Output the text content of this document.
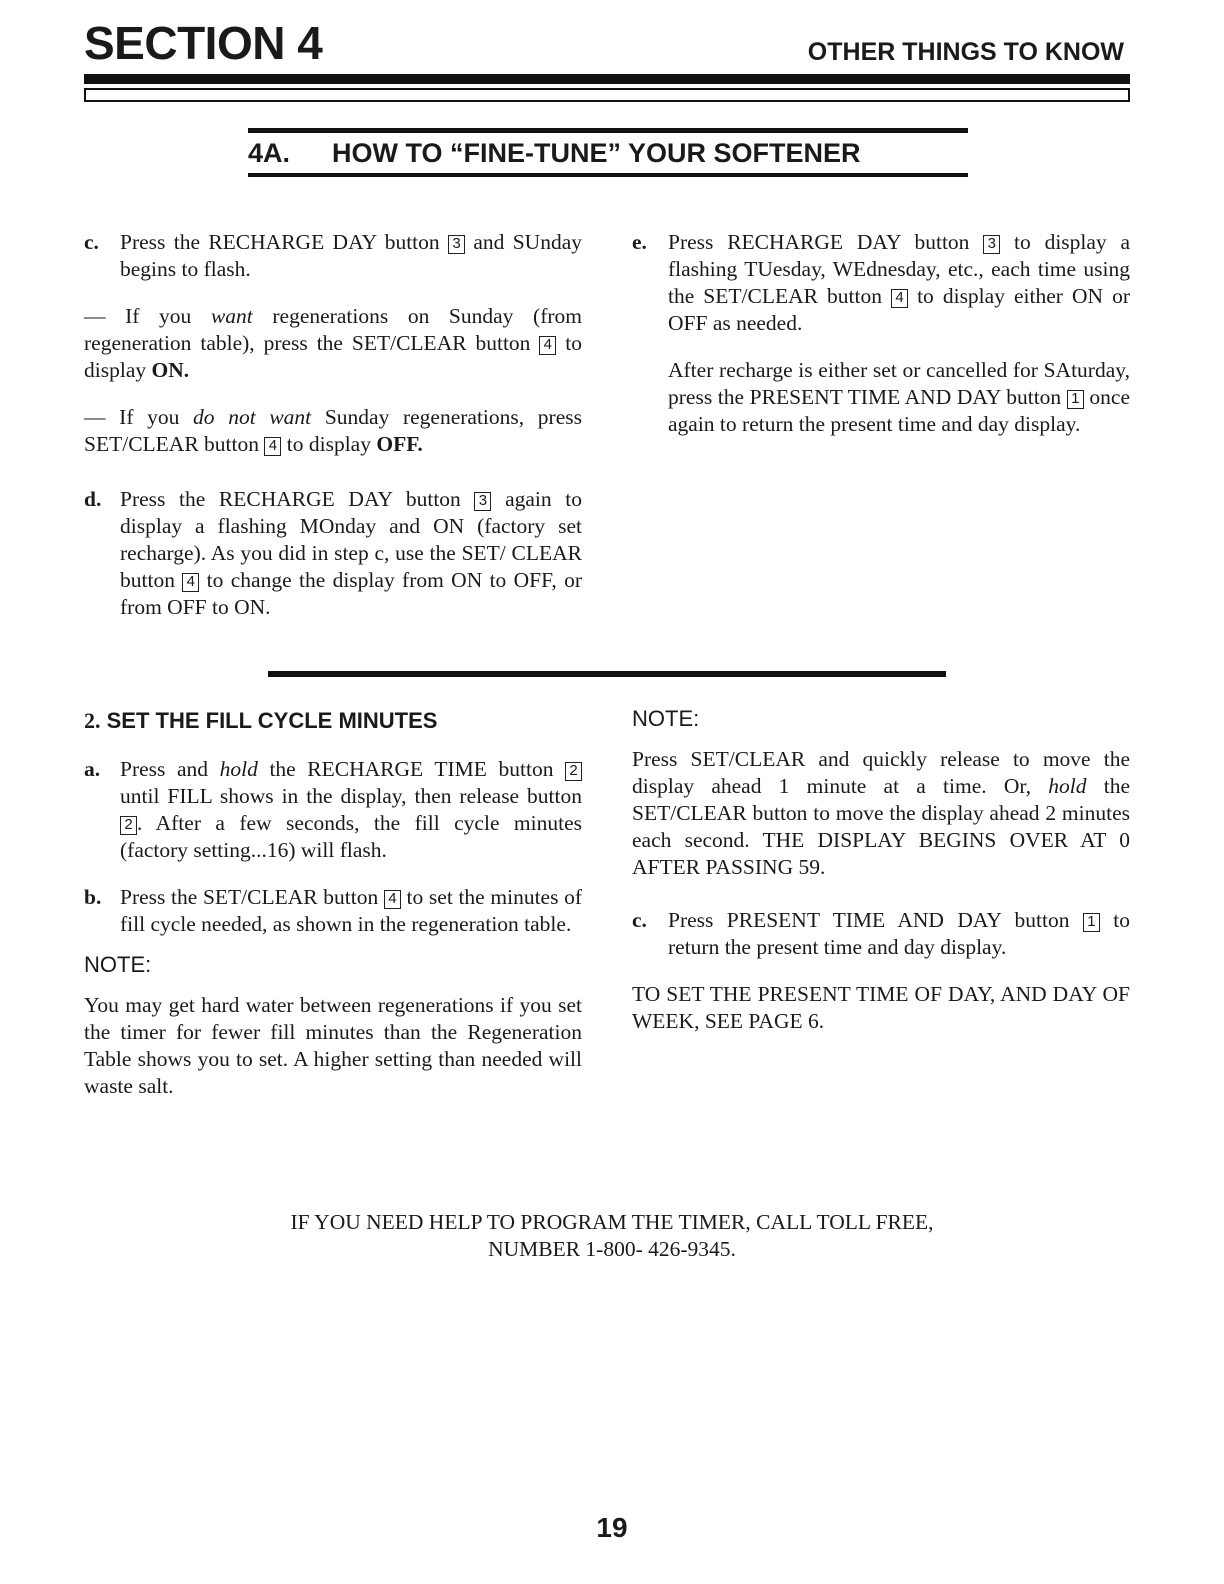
SECTION 4	OTHER THINGS TO KNOW
4A. HOW TO “FINE-TUNE” YOUR SOFTENER
c. Press the RECHARGE DAY button 3 and SUnday begins to flash.
— If you want regenerations on Sunday (from regeneration table), press the SET/CLEAR button 4 to display ON.
— If you do not want Sunday regenerations, press SET/CLEAR button 4 to display OFF.
d. Press the RECHARGE DAY button 3 again to display a flashing MOnday and ON (factory set recharge). As you did in step c, use the SET/ CLEAR button 4 to change the display from ON to OFF, or from OFF to ON.
e. Press RECHARGE DAY button 3 to display a flashing TUesday, WEdnesday, etc., each time using the SET/CLEAR button 4 to display either ON or OFF as needed.
After recharge is either set or cancelled for SAturday, press the PRESENT TIME AND DAY button 1 once again to return the present time and day display.
2. SET THE FILL CYCLE MINUTES
a. Press and hold the RECHARGE TIME button 2 until FILL shows in the display, then release button 2 . After a few seconds, the fill cycle minutes (factory setting...16) will flash.
b. Press the SET/CLEAR button 4 to set the minutes of fill cycle needed, as shown in the regeneration table.
NOTE:
You may get hard water between regenerations if you set the timer for fewer fill minutes than the Regeneration Table shows you to set. A higher setting than needed will waste salt.
NOTE:
Press SET/CLEAR and quickly release to move the display ahead 1 minute at a time. Or, hold the SET/CLEAR button to move the display ahead 2 minutes each second. THE DISPLAY BEGINS OVER AT 0 AFTER PASSING 59.
c. Press PRESENT TIME AND DAY button 1 to return the present time and day display.
TO SET THE PRESENT TIME OF DAY, AND DAY OF WEEK, SEE PAGE 6.
IF YOU NEED HELP TO PROGRAM THE TIMER, CALL TOLL FREE,
NUMBER 1-800- 426-9345.
19
